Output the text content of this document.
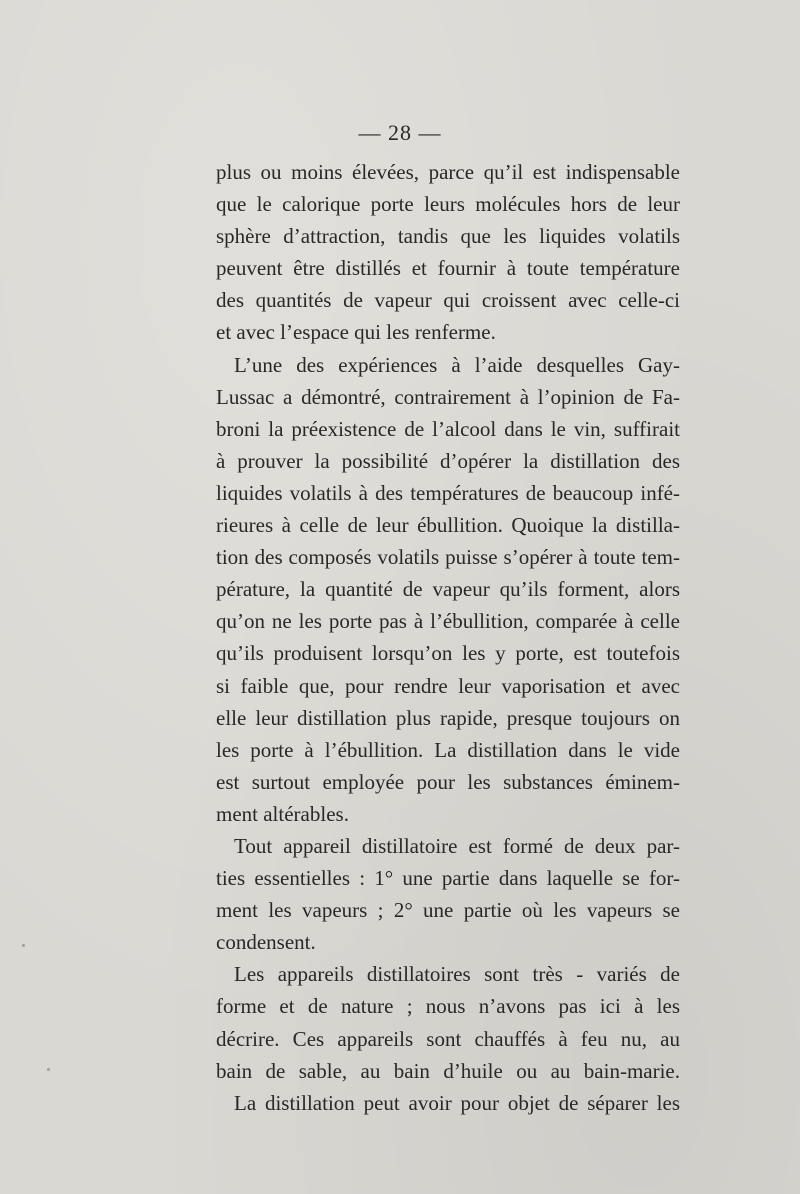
— 28 —
plus ou moins élevées, parce qu’il est indispensable
que le calorique porte leurs molécules hors de leur
sphère d’attraction, tandis que les liquides volatils
peuvent être distillés et fournir à toute température
des quantités de vapeur qui croissent avec celle-ci
et avec l’espace qui les renferme.
L’une des expériences à l’aide desquelles Gay-
Lussac a démontré, contrairement à l’opinion de Fa-
broni la préexistence de l’alcool dans le vin, suffirait
à prouver la possibilité d’opérer la distillation des
liquides volatils à des températures de beaucoup infé-
rieures à celle de leur ébullition. Quoique la distilla-
tion des composés volatils puisse s’opérer à toute tem-
pérature, la quantité de vapeur qu’ils forment, alors
qu’on ne les porte pas à l’ébullition, comparée à celle
qu’ils produisent lorsqu’on les y porte, est toutefois
si faible que, pour rendre leur vaporisation et avec
elle leur distillation plus rapide, presque toujours on
les porte à l’ébullition. La distillation dans le vide
est surtout employée pour les substances éminem-
ment altérables.
Tout appareil distillatoire est formé de deux par-
ties essentielles : 1° une partie dans laquelle se for-
ment les vapeurs ; 2° une partie où les vapeurs se
condensent.
Les appareils distillatoires sont très - variés de
forme et de nature ; nous n’avons pas ici à les
décrire. Ces appareils sont chauffés à feu nu, au
bain de sable, au bain d’huile ou au bain-marie.
La distillation peut avoir pour objet de séparer les
